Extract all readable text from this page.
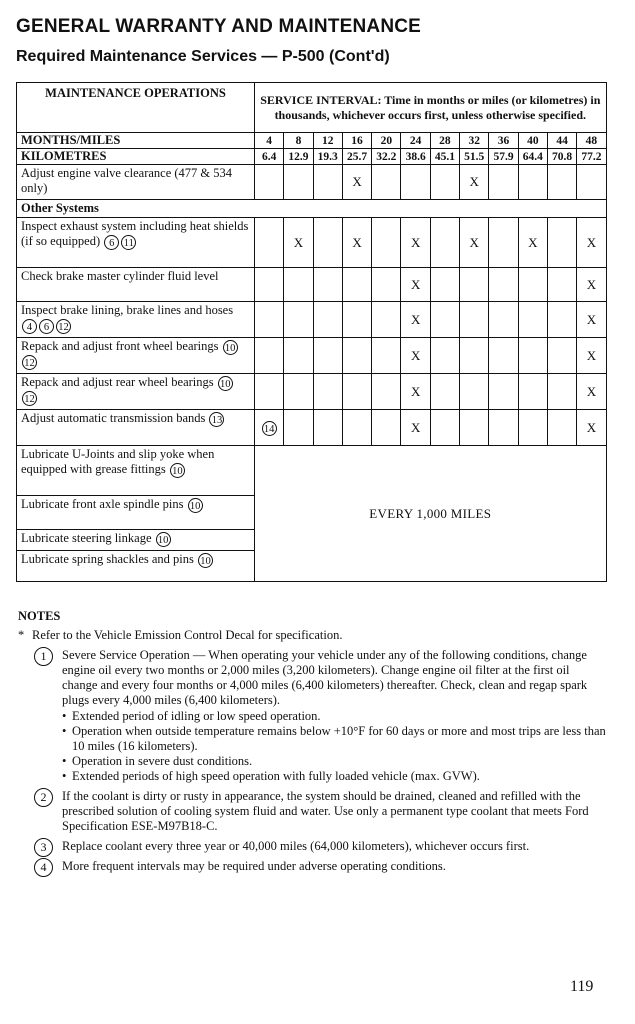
GENERAL WARRANTY AND MAINTENANCE
Required Maintenance Services — P-500 (Cont'd)
MAINTENANCE OPERATIONS	SERVICE INTERVAL: Time in months or miles (or kilometres) in thousands, whichever occurs first, unless otherwise specified.											
MONTHS/MILES	4	8	12	16	20	24	28	32	36	40	44	48
KILOMETRES	6.4	12.9	19.3	25.7	32.2	38.6	45.1	51.5	57.9	64.4	70.8	77.2
Adjust engine valve clearance (477 & 534 only)				X				X				
Other Systems												
Inspect exhaust system including heat shields (if so equipped) 6 11		X		X		X		X		X		X
Check brake master cylinder fluid level						X						X
Inspect brake lining, brake lines and hoses 4 6 12						X						X
Repack and adjust front wheel bearings 1012						X						X
Repack and adjust rear wheel bearings 1012						X						X
Adjust automatic transmission bands 13	14					X						X
Lubricate U-Joints and slip yoke when equipped with grease fittings 10	EVERY 1,000 MILES											
Lubricate front axle spindle pins 10												
Lubricate steering linkage 10												
Lubricate spring shackles and pins 10												
NOTES
* Refer to the Vehicle Emission Control Decal for specification.
1	Severe Service Operation — When operating your vehicle under any of the following conditions, change engine oil every two months or 2,000 miles (3,200 kilometers). Change engine oil filter at the first oil change and every four months or 4,000 miles (6,400 kilometers) thereafter. Check, clean and regap spark plugs every 4,000 miles (6,400 kilometers).
• Extended period of idling or low speed operation.
• Operation when outside temperature remains below +10°F for 60 days or more and most trips are less than 10 miles (16 kilometers).
• Operation in severe dust conditions.
• Extended periods of high speed operation with fully loaded vehicle (max. GVW).
2	If the coolant is dirty or rusty in appearance, the system should be drained, cleaned and refilled with the prescribed solution of cooling system fluid and water. Use only a permanent type coolant that meets Ford Specification ESE-M97B18-C.
3	Replace coolant every three year or 40,000 miles (64,000 kilometers), whichever occurs first.
4	More frequent intervals may be required under adverse operating conditions.
119
